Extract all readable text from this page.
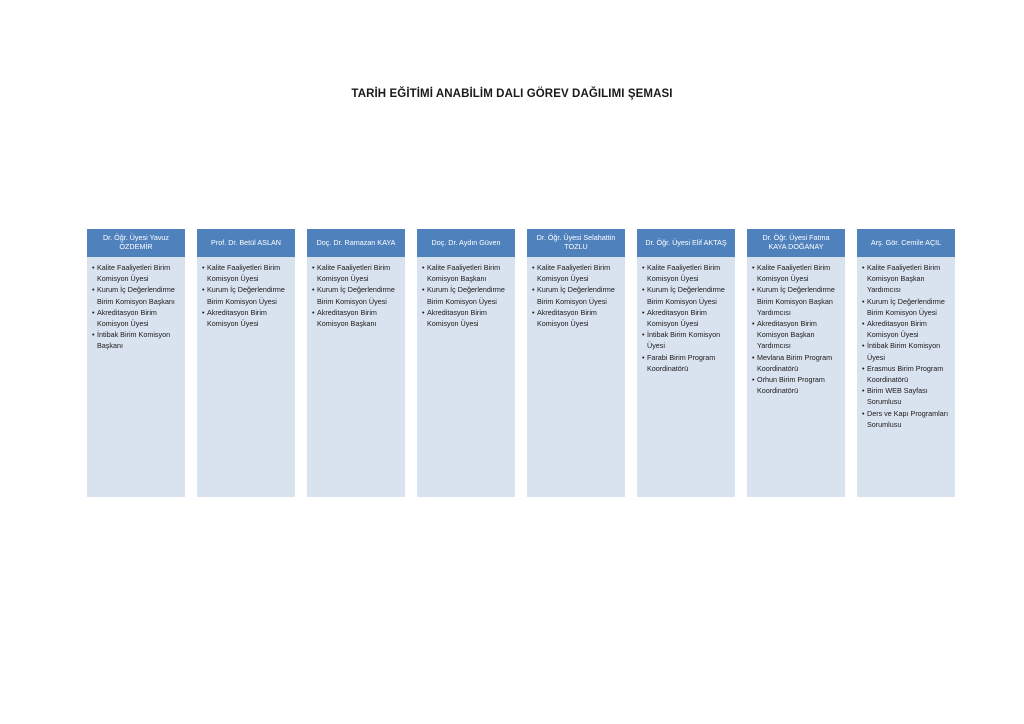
TARİH EĞİTİMİ ANABİLİM DALI GÖREV DAĞILIMI ŞEMASI
Dr. Öğr. Üyesi Yavuz ÖZDEMİR
• Kalite Faaliyetleri Birim Komisyon Üyesi
• Kurum İç Değerlendirme Birim Komisyon Başkanı
• Akreditasyon Birim Komisyon Üyesi
• İntibak Birim Komisyon Başkanı
Prof. Dr. Betül ASLAN
• Kalite Faaliyetleri Birim Komisyon Üyesi
• Kurum İç Değerlendirme Birim Komisyon Üyesi
• Akreditasyon Birim Komisyon Üyesi
Doç. Dr. Ramazan KAYA
• Kalite Faaliyetleri Birim Komisyon Üyesi
• Kurum İç Değerlendirme Birim Komisyon Üyesi
• Akreditasyon Birim Komisyon Başkanı
Doç. Dr. Aydın Güven
• Kalite Faaliyetleri Birim Komisyon Başkanı
• Kurum İç Değerlendirme Birim Komisyon Üyesi
• Akreditasyon Birim Komisyon Üyesi
Dr. Öğr. Üyesi Selahattin TOZLU
• Kalite Faaliyetleri Birim Komisyon Üyesi
• Kurum İç Değerlendirme Birim Komisyon Üyesi
• Akreditasyon Birim Komisyon Üyesi
Dr. Öğr. Üyesi Elif AKTAŞ
• Kalite Faaliyetleri Birim Komisyon Üyesi
• Kurum İç Değerlendirme Birim Komisyon Üyesi
• Akreditasyon Birim Komisyon Üyesi
• İntibak Birim Komisyon Üyesi
• Farabi Birim Program Koordinatörü
Dr. Öğr. Üyesi Fatma KAYA DOĞANAY
• Kalite Faaliyetleri Birim Komisyon Üyesi
• Kurum İç Değerlendirme Birim Komisyon Başkan Yardımcısı
• Akreditasyon Birim Komisyon Başkan Yardımcısı
• Mevlana Birim Program Koordinatörü
• Orhun Birim Program Koordinatörü
Arş. Gör. Cemile AÇIL
• Kalite Faaliyetleri Birim Komisyon Başkan Yardımcısı
• Kurum İç Değerlendirme Birim Komisyon Üyesi
• Akreditasyon Birim Komisyon Üyesi
• İntibak Birim Komisyon Üyesi
• Erasmus Birim Program Koordinatörü
• Birim WEB Sayfası Sorumlusu
• Ders ve Kapı Programları Sorumlusu
